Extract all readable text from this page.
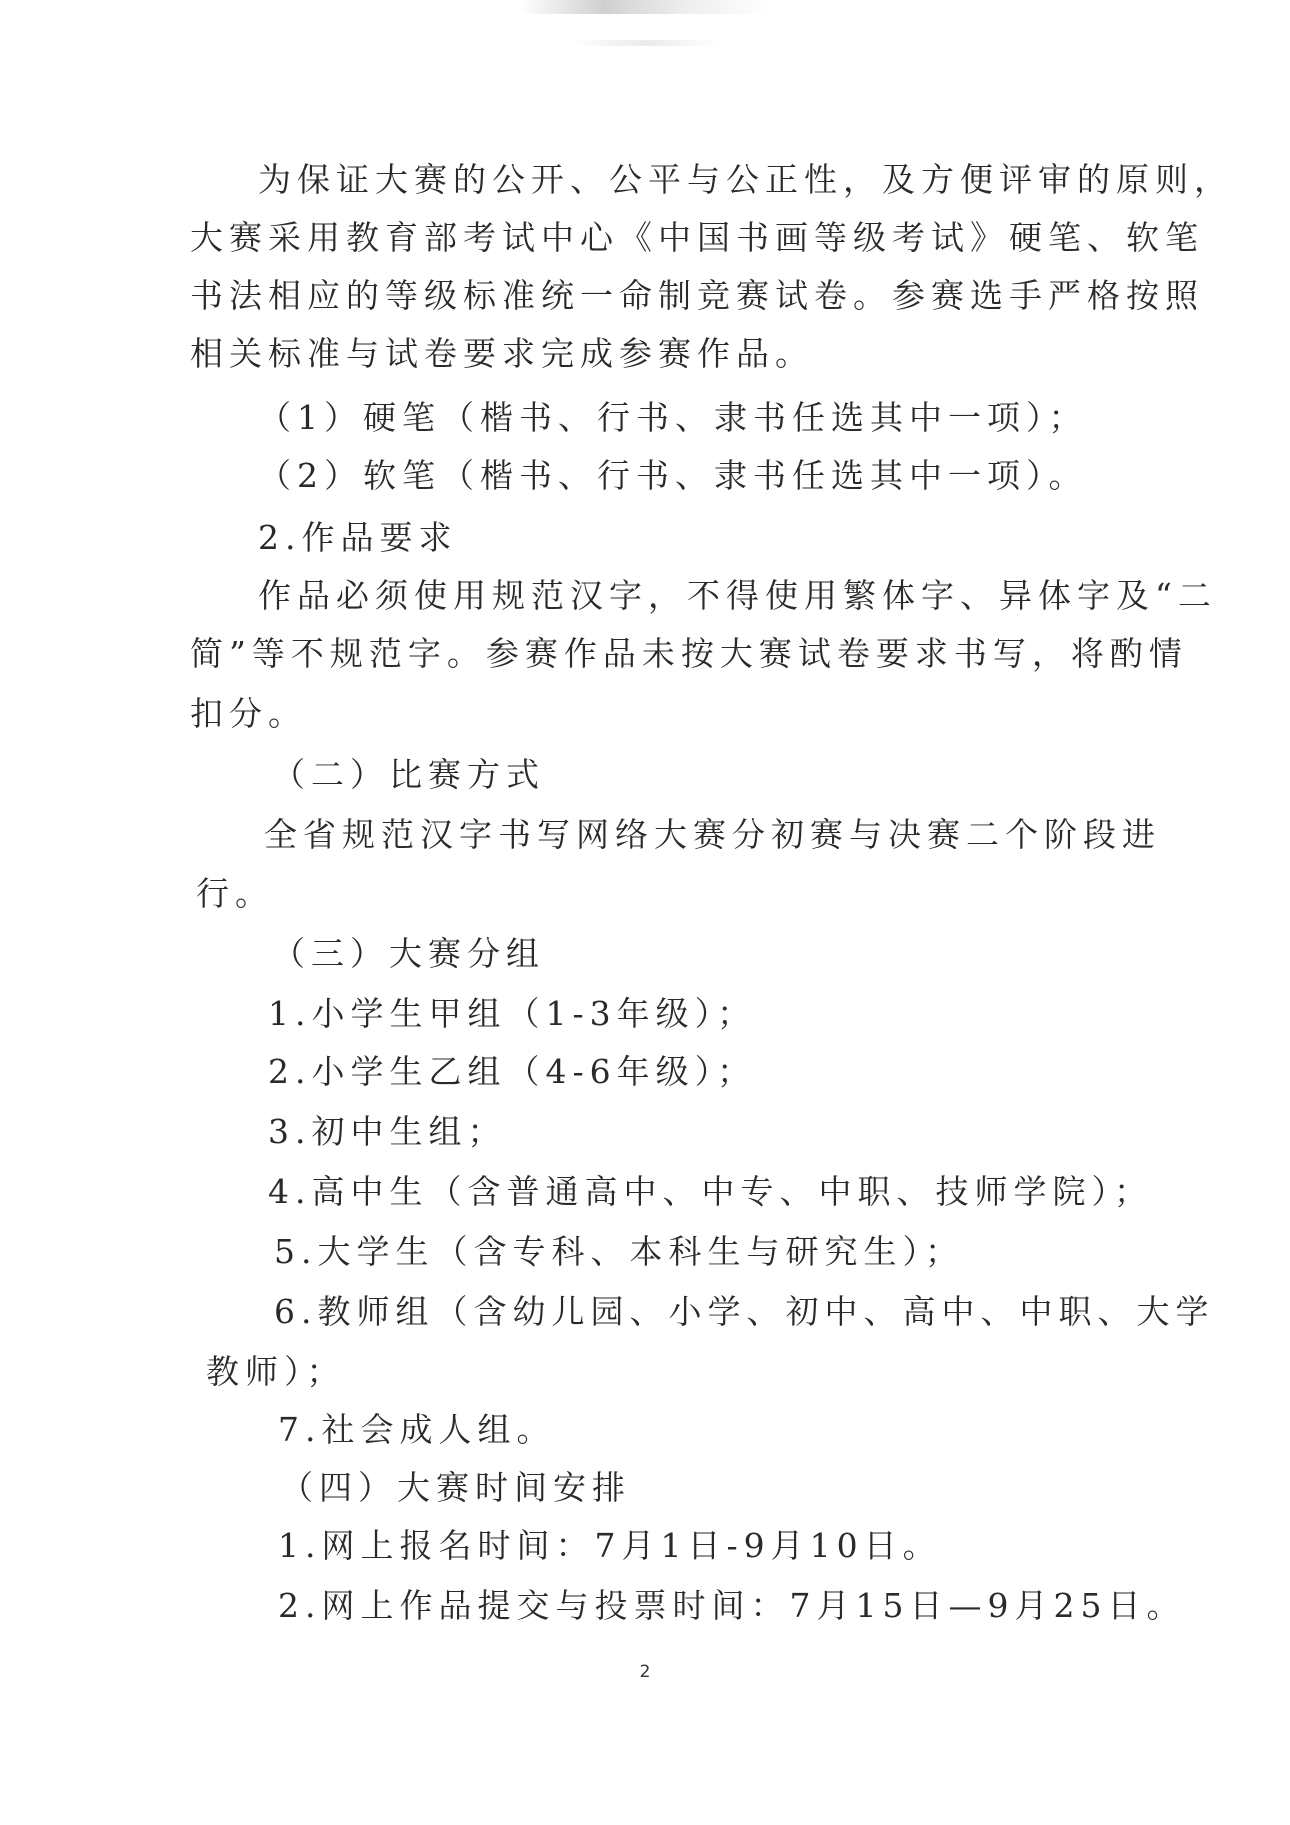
为保证大赛的公开、公平与公正性，及方便评审的原则，
大赛采用教育部考试中心《中国书画等级考试》硬笔、软笔
书法相应的等级标准统一命制竞赛试卷。参赛选手严格按照
相关标准与试卷要求完成参赛作品。
（1）硬笔（楷书、行书、隶书任选其中一项）；
（2）软笔（楷书、行书、隶书任选其中一项）。
2.作品要求
作品必须使用规范汉字，不得使用繁体字、异体字及“二
简”等不规范字。参赛作品未按大赛试卷要求书写，将酌情
扣分。
（二）比赛方式
全省规范汉字书写网络大赛分初赛与决赛二个阶段进
行。
（三）大赛分组
1.小学生甲组（1-3年级）；
2.小学生乙组（4-6年级）；
3.初中生组；
4.高中生（含普通高中、中专、中职、技师学院）；
5.大学生（含专科、本科生与研究生）；
6.教师组（含幼儿园、小学、初中、高中、中职、大学
教师）；
7.社会成人组。
（四）大赛时间安排
1.网上报名时间：7月1日-9月10日。
2.网上作品提交与投票时间：7月15日—9月25日。
2
